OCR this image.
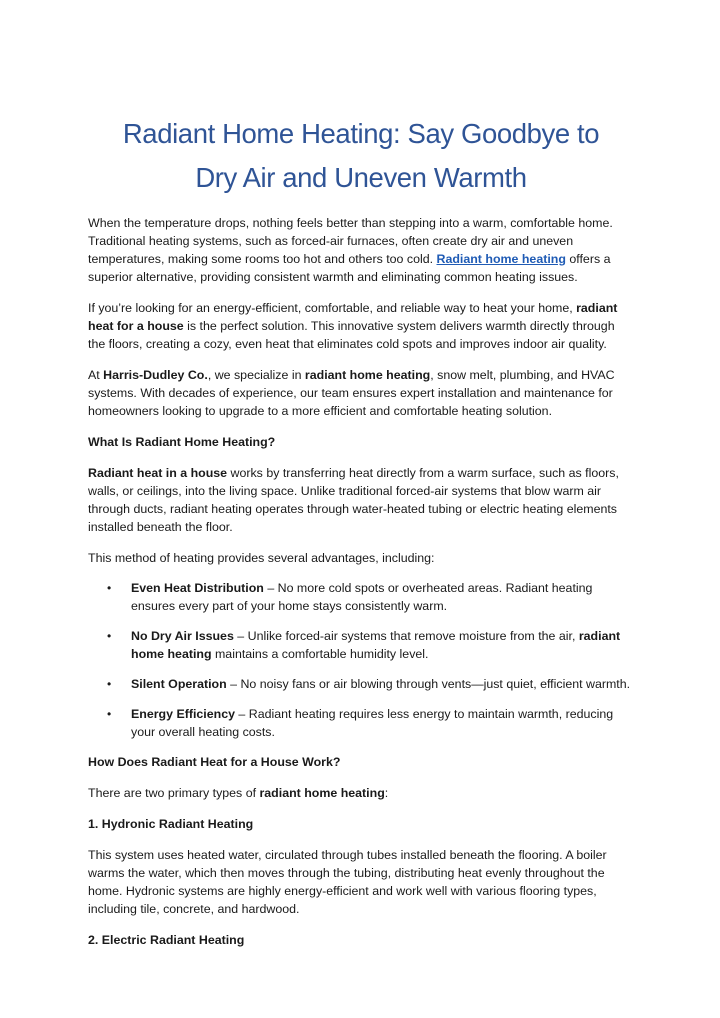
Radiant Home Heating: Say Goodbye to
Dry Air and Uneven Warmth

When the temperature drops, nothing feels better than stepping into a warm, comfortable home. Traditional heating systems, such as forced-air furnaces, often create dry air and uneven temperatures, making some rooms too hot and others too cold. Radiant home heating offers a superior alternative, providing consistent warmth and eliminating common heating issues.

If you’re looking for an energy-efficient, comfortable, and reliable way to heat your home, radiant heat for a house is the perfect solution. This innovative system delivers warmth directly through the floors, creating a cozy, even heat that eliminates cold spots and improves indoor air quality.

At Harris-Dudley Co., we specialize in radiant home heating, snow melt, plumbing, and HVAC systems. With decades of experience, our team ensures expert installation and maintenance for homeowners looking to upgrade to a more efficient and comfortable heating solution.

What Is Radiant Home Heating?

Radiant heat in a house works by transferring heat directly from a warm surface, such as floors, walls, or ceilings, into the living space. Unlike traditional forced-air systems that blow warm air through ducts, radiant heating operates through water-heated tubing or electric heating elements installed beneath the floor.

This method of heating provides several advantages, including:

• Even Heat Distribution – No more cold spots or overheated areas. Radiant heating ensures every part of your home stays consistently warm.
• No Dry Air Issues – Unlike forced-air systems that remove moisture from the air, radiant home heating maintains a comfortable humidity level.
• Silent Operation – No noisy fans or air blowing through vents—just quiet, efficient warmth.
• Energy Efficiency – Radiant heating requires less energy to maintain warmth, reducing your overall heating costs.

How Does Radiant Heat for a House Work?

There are two primary types of radiant home heating:

1. Hydronic Radiant Heating

This system uses heated water, circulated through tubes installed beneath the flooring. A boiler warms the water, which then moves through the tubing, distributing heat evenly throughout the home. Hydronic systems are highly energy-efficient and work well with various flooring types, including tile, concrete, and hardwood.

2. Electric Radiant Heating
